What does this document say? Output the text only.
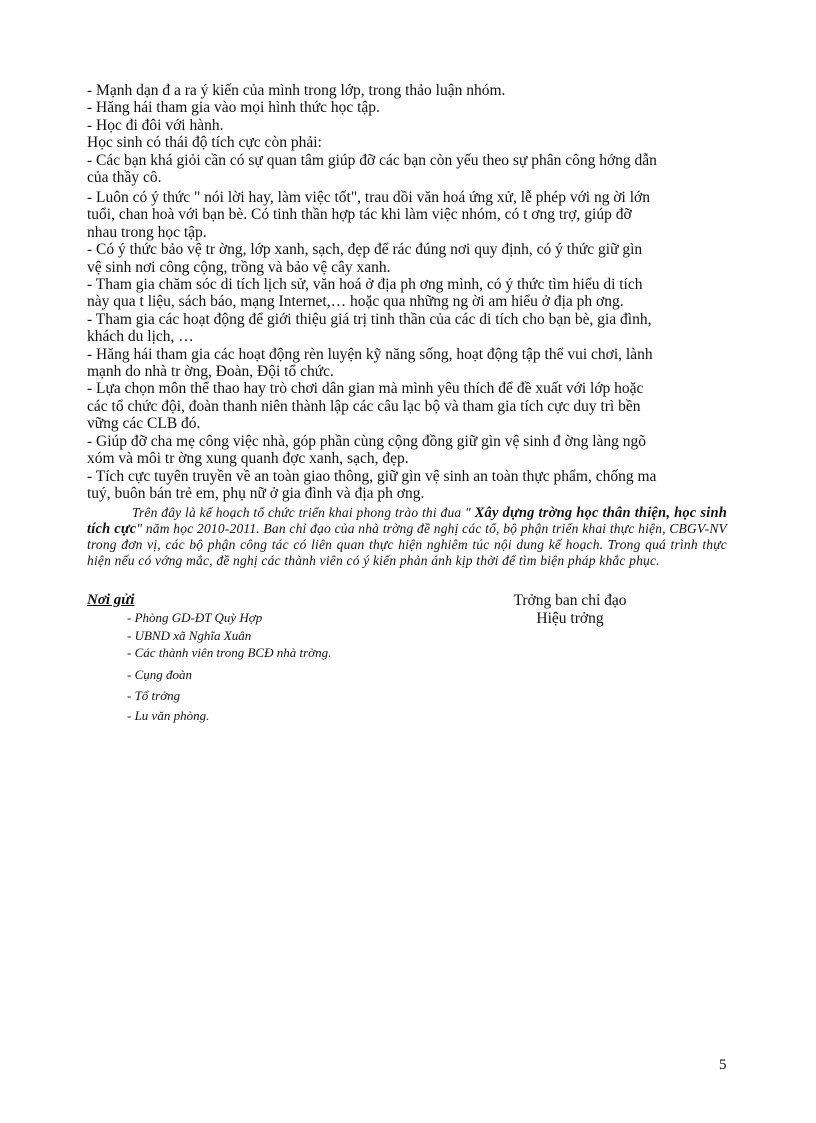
- Mạnh dạn đ a ra ý kiến của mình trong lớp, trong thảo luận nhóm.

- Hăng hái tham gia vào mọi hình thức học tập.

- Học đi đôi với hành.

Học sinh có thái độ tích cực còn phải:

- Các bạn khá giỏi cần có sự quan tâm giúp đỡ các bạn còn yếu theo sự phân công hớng dẫn

của thầy cô.

- Luôn có ý thức " nói lời hay, làm việc tốt", trau dồi văn hoá ứng xử, lễ phép với ng ời lớn

tuổi, chan hoà với bạn bè. Có tinh thần hợp tác khi làm việc nhóm, có t ơng trợ, giúp đỡ

nhau trong học tập.

- Có ý thức bảo vệ tr ờng, lớp xanh, sạch, đẹp để rác đúng nơi quy định, có ý thức giữ gìn

vệ sinh nơi công cộng, trồng và bảo vệ cây xanh.

- Tham gia chăm sóc di tích lịch sử, văn hoá ở địa ph ơng mình, có ý thức tìm hiểu di tích

này qua t liệu, sách báo, mạng Internet,… hoặc qua những ng ời am hiểu ở địa ph ơng.

- Tham gia các hoạt động để giới thiệu giá trị tinh thần của các di tích cho bạn bè, gia đình,

khách du lịch, …

- Hăng hái tham gia các hoạt động rèn luyện kỹ năng sống, hoạt động tập thể vui chơi, lành

mạnh do nhà tr ờng, Đoàn, Đội tổ chức.

- Lựa chọn môn thể thao hay trò chơi dân gian mà mình yêu thích để đề xuất với lớp hoặc

các tổ chức đội, đoàn thanh niên thành lập các câu lạc bộ và tham gia tích cực duy trì bền

vững các CLB đó.

- Giúp đỡ cha mẹ công việc nhà, góp phần cùng cộng đồng giữ gìn vệ sinh đ ờng làng ngõ

xóm và môi tr ờng xung quanh đợc xanh, sạch, đẹp.

- Tích cực tuyên truyền về an toàn giao thông, giữ gìn vệ sinh an toàn thực phẩm, chống ma

tuý, buôn bán trẻ em, phụ nữ ở gia đình và địa ph ơng.

Trên đây là kế hoạch tổ chức triển khai phong trào thi đua " Xây dựng trờng học thân thiện, học sinh tích cực" năm học 2010-2011. Ban chỉ đạo của nhà trờng đề nghị các tổ, bộ phận triển khai thực hiện, CBGV-NV trong đơn vị, các bộ phận công tác có liên quan thực hiện nghiêm túc nội dung kế hoạch. Trong quá trình thực hiện nếu có vớng mắc, đề nghị các thành viên có ý kiến phản ánh kịp thời để tìm biện pháp khắc phục.
Nơi gửi
- Phòng GD-ĐT Quỳ Hợp
- UBND xã Nghĩa Xuân
- Các thành viên trong BCĐ nhà trờng.
- Cụng đoàn
- Tổ trởng
- Lu văn phòng.
Trởng ban chỉ đạo
Hiệu trởng
5
